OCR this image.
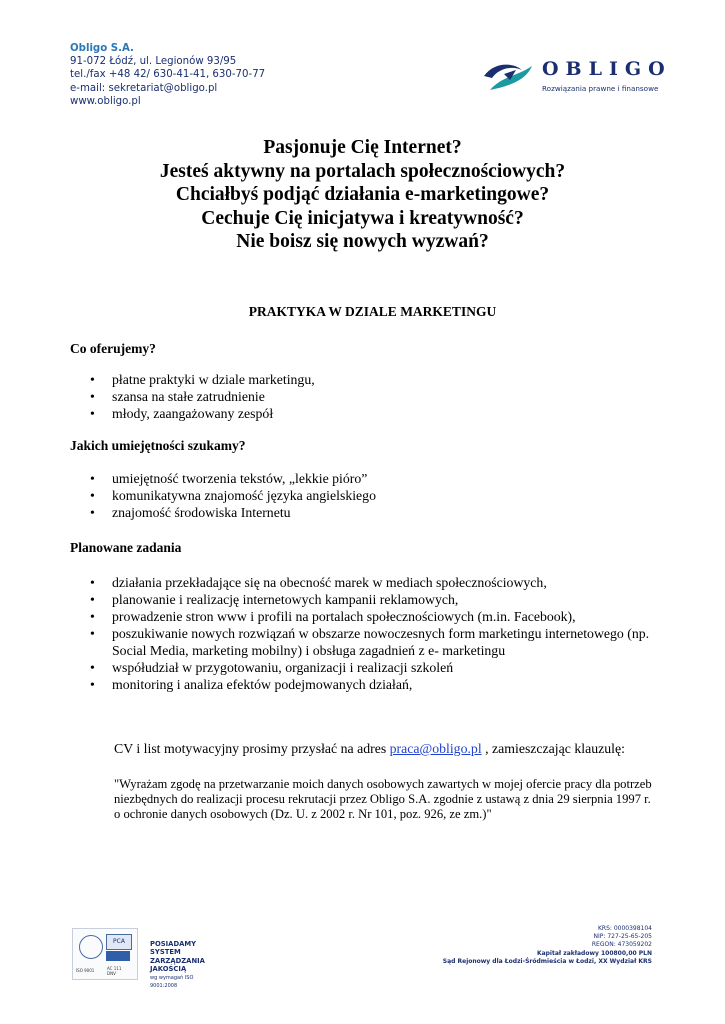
Obligo S.A.
91-072 Łódź, ul. Legionów 93/95
tel./fax +48 42/ 630-41-41, 630-70-77
e-mail: sekretariat@obligo.pl
www.obligo.pl
OBLIGO
Rozwiązania prawne i finansowe
Pasjonuje Cię Internet?
Jesteś aktywny na portalach społecznościowych?
Chciałbyś podjąć działania e-marketingowe?
Cechuje Cię inicjatywa i kreatywność?
Nie boisz się nowych wyzwań?
PRAKTYKA W DZIALE MARKETINGU
Co oferujemy?
• płatne praktyki w dziale marketingu,
• szansa na stałe zatrudnienie
• młody, zaangażowany zespół
Jakich umiejętności szukamy?
• umiejętność tworzenia tekstów, „lekkie pióro”
• komunikatywna znajomość języka angielskiego
• znajomość środowiska Internetu
Planowane zadania
• działania przekładające się na obecność marek w mediach społecznościowych,
• planowanie i realizację internetowych kampanii reklamowych,
• prowadzenie stron www i profili na portalach społecznościowych (m.in. Facebook),
• poszukiwanie nowych rozwiązań w obszarze nowoczesnych form marketingu internetowego (np. Social Media, marketing mobilny) i obsługa zagadnień z e- marketingu
• współudział w przygotowaniu, organizacji i realizacji szkoleń
• monitoring i analiza efektów podejmowanych działań,
CV i list motywacyjny prosimy przysłać na adres praca@obligo.pl , zamieszczając klauzulę:
"Wyrażam zgodę na przetwarzanie moich danych osobowych zawartych w mojej ofercie pracy dla potrzeb niezbędnych do realizacji procesu rekrutacji przez Obligo S.A. zgodnie z ustawą z dnia 29 sierpnia 1997 r. o ochronie danych osobowych (Dz. U. z 2002 r. Nr 101, poz. 926, ze zm.)"
PCA
ISO 9001	AC 111
DNV
POSIADAMY SYSTEM
ZARZĄDZANIA JAKOŚCIĄ
wg wymagań ISO 9001:2008
KRS: 0000398104
NIP: 727-25-65-205
REGON: 473059202
Kapitał zakładowy 100800,00 PLN
Sąd Rejonowy dla Łodzi-Śródmieścia w Łodzi, XX Wydział KRS
